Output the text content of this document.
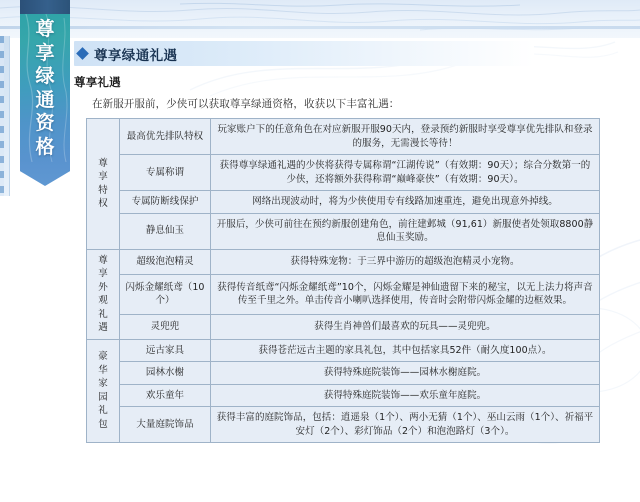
尊
享
绿
通
资
格
尊享绿通礼遇
尊享礼遇
在新服开服前，少侠可以获取尊享绿通资格，收获以下丰富礼遇：
尊
享
特
权	最高优先排队特权	玩家账户下的任意角色在对应新服开服90天内，登录预约新服时享受尊享优先排队和登录的服务，无需漫长等待！
	专属称谓	获得尊享绿通礼遇的少侠将获得专属称谓“江湖传说”（有效期：90天）；综合分数第一的少侠，还将额外获得称谓“巅峰豪侠”（有效期：90天）。
	专属防断线保护	网络出现波动时，将为少侠使用专有线路加速重连，避免出现意外掉线。
	静息仙玉	开服后，少侠可前往在预约新服创建角色，前往建邺城（91,61）新服使者处领取8800静息仙玉奖励。

尊
享
外
观
礼
遇
	超级泡泡精灵	获得特殊宠物：于三界中游历的超级泡泡精灵小宠物。
	闪烁金耀纸鸢（10个）	获得传音纸鸢“闪烁金耀纸鸢”10个，闪烁金耀是神仙遗留下来的秘宝，以无上法力将声音传至千里之外。单击传音小喇叭选择使用，传音时会附带闪烁金耀的边框效果。
	灵兜兜	获得生肖神兽们最喜欢的玩具——灵兜兜。

豪
华
家
园
礼
包
	远古家具	获得苍茫远古主题的家具礼包，其中包括家具52件（耐久度100点）。
	园林水榭	获得特殊庭院装饰——园林水榭庭院。
	欢乐童年	获得特殊庭院装饰——欢乐童年庭院。
	大量庭院饰品	获得丰富的庭院饰品，包括：逍遥泉（1个）、两小无猜（1个）、巫山云雨（1个）、祈福平安灯（2个）、彩灯饰品（2个）和泡泡路灯（3个）。
